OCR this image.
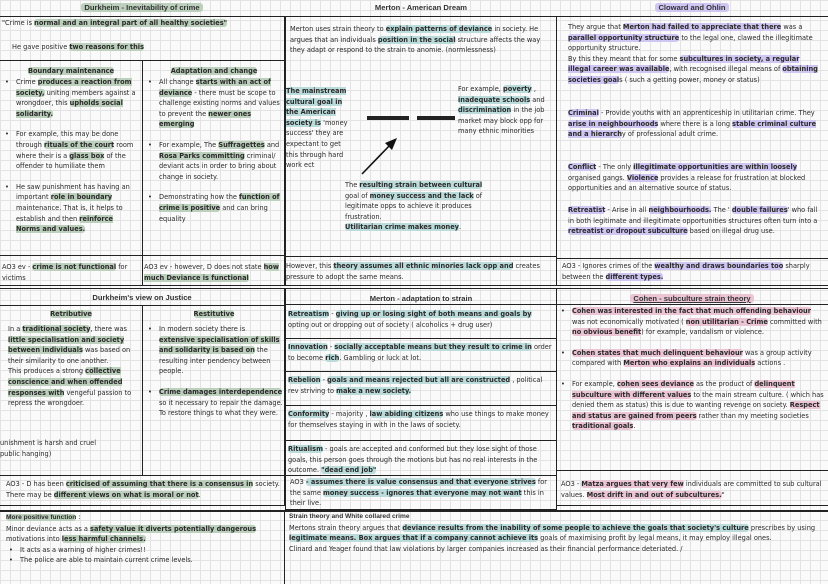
Durkheim - Inevitability of crime
"Crime is normal and an integral part of all healthy societies"
He gave positive two reasons for this
Boundary maintenance
• Crime produces a reaction from society, uniting members against a wrongdoer, this upholds social solidarity.
• For example, this may be done through rituals of the court room where their is a glass box of the offender to humiliate them
• He saw punishment has having an important role in boundary maintenance. That is, it helps to establish and then reinforce Norms and values.
Adaptation and change
• All change starts with an act of deviance - there must be scope to challenge existing norms and values to prevent the newer ones emerging
• For example, The Suffragettes and Rosa Parks committing criminal/ deviant acts in order to bring about change in society.
• Demonstrating how the function of crime is positive and can bring equality
AO3 ev - crime is not functional for victims
AO3 ev - however, D does not state how much Deviance is functional
Merton - American Dream
Merton uses strain theory to explain patterns of deviance in society. He argues that an individuals position in the social structure affects the way they adapt or respond to the strain to anomie. (normlessness)
The mainstream cultural goal in the American society is 'money success' they are expectant to get this through hard work ect
For example, poverty , inadequate schools and discrimination in the job market may block opp for many ethnic minorities
The resulting strain between cultural goal of money success and the lack of legitimate opps to achieve it produces frustration.
Utilitarian crime makes money.
However, this theory assumes all ethnic minories lack opp and creates pressure to adopt the same means.
Cloward and Ohlin
They argue that Merton had failed to appreciate that there was a parallel opportunity structure to the legal one, clawed the illegitimate opportunity structure.
By this they meant that for some subcultures in society, a regular illegal career was available, with recognised illegal means of obtaining societies goals ( such a getting power, money or status)
Criminal - Provide youths with an apprenticeship in utilitarian crime. They arise in neighbourhoods where there is a long stable criminal culture and a hierarchy of professional adult crime.
Conflict - The only illegitimate opportunities are within loosely organised gangs. Violence provides a release for frustration at blocked opportunities and an alternative source of status.
Retreatist - Arise in all neighbourhoods. The ' double failures' who fall in both legitimate and illegitimate opportunities structures often turn into a retreatist or dropout subculture based on illegal drug use.
AO3 - Ignores crimes of the wealthy and draws boundaries too sharply between the different types.
Durkheim's view on Justice
Retributive
In a traditional society, there was little specialisation and society between individuals was based on their similarity to one another.
This produces a strong collective conscience and when offended responses with vengeful passion to repress the wrongdoer.
unishment is harsh and cruel
public hanging)
Restitutive
• In modern society there is extensive specialisation of skills and solidarity is based on the resulting inter pendency between people.
• Crime damages interdependence so it necessary to repair the damage. To restore things to what they were.
AO3 - D has been criticised of assuming that there is a consensus in society. There may be different views on what is moral or not.
Merton - adaptation to strain
Retreatism - giving up or losing sight of both means and goals by opting out or dropping out of society ( alcoholics + drug user)
Innovation - socially acceptable means but they result to crime in order to become rich. Gambling or luck at lot.
Rebelion - goals and means rejected but all are constructed , political rev striving to make a new society.
Conformity - majority , law abiding citizens who use things to make money for themselves staying in with in the laws of society.
Ritualism - goals are accepted and conformed but they lose sight of those goals, this person goes through the motions but has no real interests in the outcome. "dead end job"
AO3 - assumes there is value consensus and that everyone strives for the same money success - ignores that everyone may not want this in their live.
Cohen - subculture strain theory
• Cohen was interested in the fact that much offending behaviour was not economically motivated ( non utilitarian - Crime committed with no obvious benefit) for example, vandalism or violence.
• Cohen states that much delinquent behaviour was a group activity compared with Merton who explains an individuals actions .
• For example, cohen sees deviance as the product of delinquent subculture with different values to the main stream culture. ( which has denied them as status) this is due to wanting revenge on society. Respect and status are gained from peers rather than my meeting societies traditional goals.
AO3 - Matza argues that very few individuals are committed to sub cultural values. Most drift in and out of subcultures."
More positive function :
Minor deviance acts as a safety value it diverts potentially dangerous motivations into less harmful channels.
• It acts as a warning of higher crimes!!
• The police are able to maintain current crime levels.
Strain theory and White collared crime
Mertons strain theory argues that deviance results from the inability of some people to achieve the goals that society's culture prescribes by using legitimate means. Box argues that if a company cannot achieve its goals of maximising profit by legal means, it may employ illegal ones.
Clinard and Yeager found that law violations by larger companies increased as their financial performance deteriated. /
